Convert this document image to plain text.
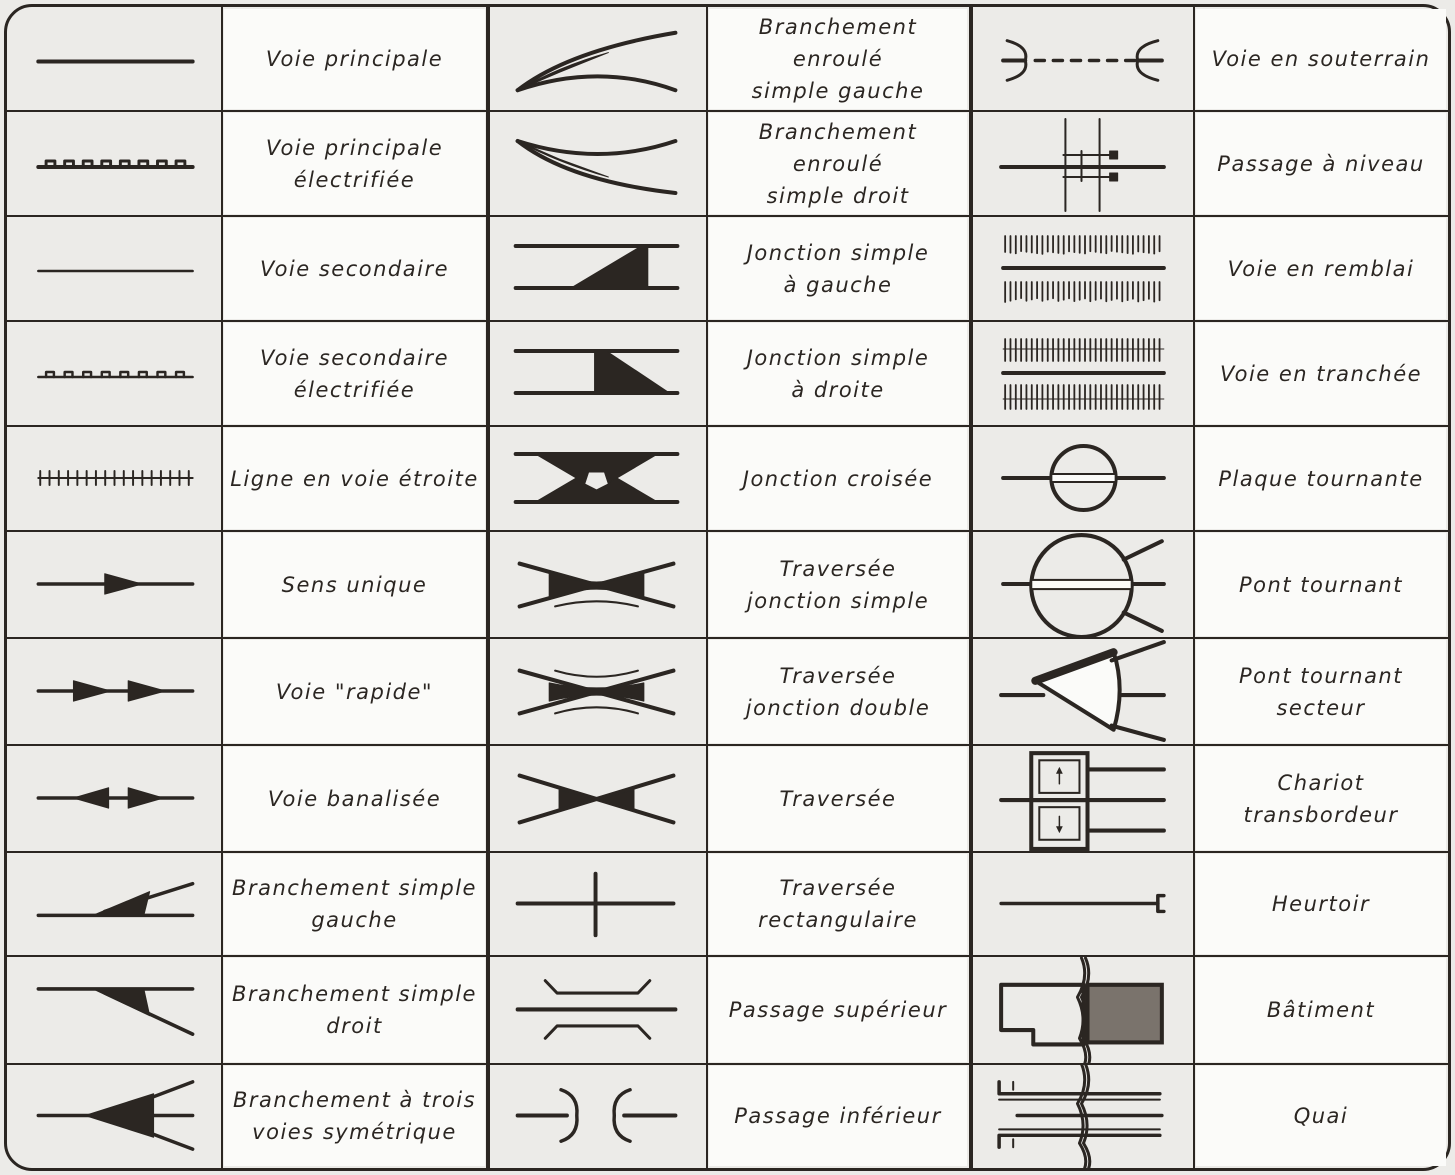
Voie principale
Voie principale
électrifiée
Voie secondaire
Voie secondaire
électrifiée
Ligne en voie étroite
Sens unique
Voie "rapide"
Voie banalisée
Branchement simple
gauche
Branchement simple
droit
Branchement à trois
voies symétrique
Branchement enroulé
simple gauche
Branchement enroulé
simple droit
Jonction simple
à gauche
Jonction simple
à droite
Jonction croisée
Traversée
jonction simple
Traversée
jonction double
Traversée
Traversée rectangulaire
Passage supérieur
Passage inférieur
Voie en souterrain
Passage à niveau
Voie en remblai
Voie en tranchée
Plaque tournante
Pont tournant
Pont tournant
secteur
Chariot transbordeur
Heurtoir
Bâtiment
Quai
